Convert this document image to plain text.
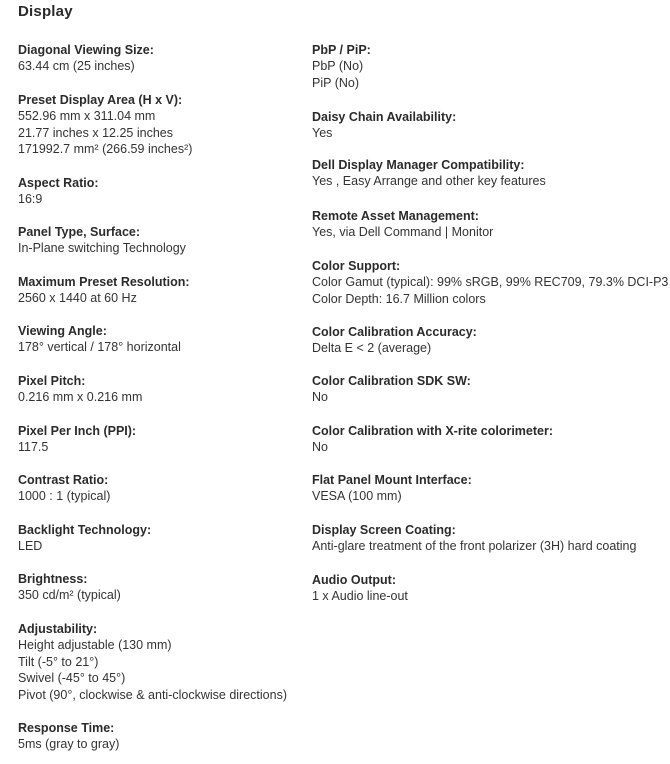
Display
Diagonal Viewing Size:
63.44 cm (25 inches)
Preset Display Area (H x V):
552.96 mm x 311.04 mm
21.77 inches x 12.25 inches
171992.7 mm² (266.59 inches²)
Aspect Ratio:
16:9
Panel Type, Surface:
In-Plane switching Technology
Maximum Preset Resolution:
2560 x 1440 at 60 Hz
Viewing Angle:
178° vertical / 178° horizontal
Pixel Pitch:
0.216 mm x 0.216 mm
Pixel Per Inch (PPI):
117.5
Contrast Ratio:
1000 : 1 (typical)
Backlight Technology:
LED
Brightness:
350 cd/m² (typical)
Adjustability:
Height adjustable (130 mm)
Tilt (-5° to 21°)
Swivel (-45° to 45°)
Pivot (90°, clockwise & anti-clockwise directions)
Response Time:
5ms (gray to gray)
PbP / PiP:
PbP (No)
PiP (No)
Daisy Chain Availability:
Yes
Dell Display Manager Compatibility:
Yes , Easy Arrange and other key features
Remote Asset Management:
Yes, via Dell Command | Monitor
Color Support:
Color Gamut (typical): 99% sRGB, 99% REC709, 79.3% DCI-P3
Color Depth: 16.7 Million colors
Color Calibration Accuracy:
Delta E < 2 (average)
Color Calibration SDK SW:
No
Color Calibration with X-rite colorimeter:
No
Flat Panel Mount Interface:
VESA (100 mm)
Display Screen Coating:
Anti-glare treatment of the front polarizer (3H) hard coating
Audio Output:
1 x Audio line-out
